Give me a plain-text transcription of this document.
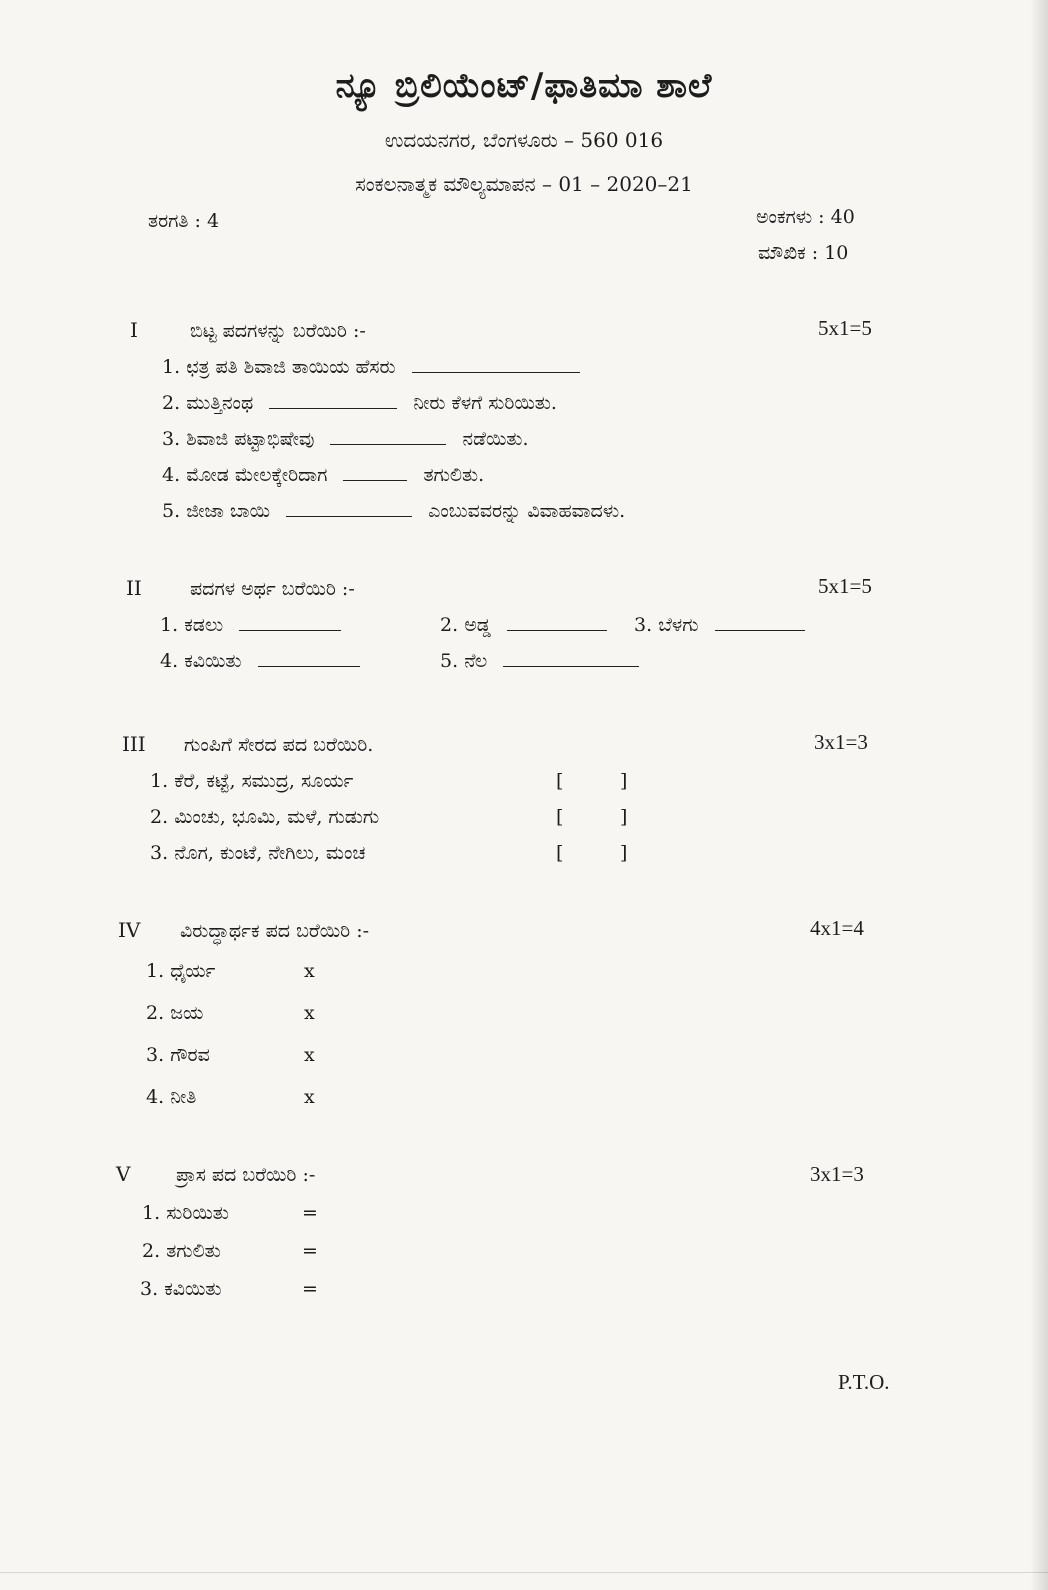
ನ್ಯೂ ಬ್ರಿಲಿಯೆಂಟ್/ಫಾತಿಮಾ ಶಾಲೆ
ಉದಯನಗರ, ಬೆಂಗಳೂರು – 560 016
ಸಂಕಲನಾತ್ಮಕ ಮೌಲ್ಯಮಾಪನ – 01 – 2020–21
ತರಗತಿ : 4	ಅಂಕಗಳು : 40
ಮೌಖಿಕ : 10
I	ಬಿಟ್ಟ ಪದಗಳನ್ನು ಬರೆಯಿರಿ :-	5x1=5
1. ಛತ್ರ ಪತಿ ಶಿವಾಜಿ ತಾಯಿಯ ಹೆಸರು
2. ಮುತ್ತಿನಂಥ	ನೀರು ಕೆಳಗೆ ಸುರಿಯಿತು.
3. ಶಿವಾಜಿ ಪಟ್ಟಾಭಿಷೇವು	ನಡೆಯಿತು.
4. ಮೋಡ ಮೇಲಕ್ಕೇರಿದಾಗ	ತಗುಲಿತು.
5. ಜೀಜಾ ಬಾಯಿ	ಎಂಬುವವರನ್ನು ವಿವಾಹವಾದಳು.
II	ಪದಗಳ ಅರ್ಥ ಬರೆಯಿರಿ :-	5x1=5
1. ಕಡಲು	2. ಅಡ್ಡ	3. ಬೆಳಗು
4. ಕವಿಯಿತು	5. ನೆಲ
III ಗುಂಪಿಗೆ ಸೇರದ ಪದ ಬರೆಯಿರಿ.	3x1=3
1. ಕೆರೆ, ಕಟ್ಟೆ, ಸಮುದ್ರ, ಸೂರ್ಯ	[	]
2. ಮಿಂಚು, ಭೂಮಿ, ಮಳೆ, ಗುಡುಗು	[	]
3. ನೊಗ, ಕುಂಟೆ, ನೇಗಿಲು, ಮಂಚ	[	]
IV ವಿರುದ್ಧಾರ್ಥಕ ಪದ ಬರೆಯಿರಿ :-	4x1=4
1. ಧೈರ್ಯ	x
2. ಜಯ	x
3. ಗೌರವ	x
4. ನೀತಿ	x
V ಪ್ರಾಸ ಪದ ಬರೆಯಿರಿ :-	3x1=3
1. ಸುರಿಯಿತು	=
2. ತಗುಲಿತು	=
3. ಕವಿಯಿತು	=
P.T.O.
